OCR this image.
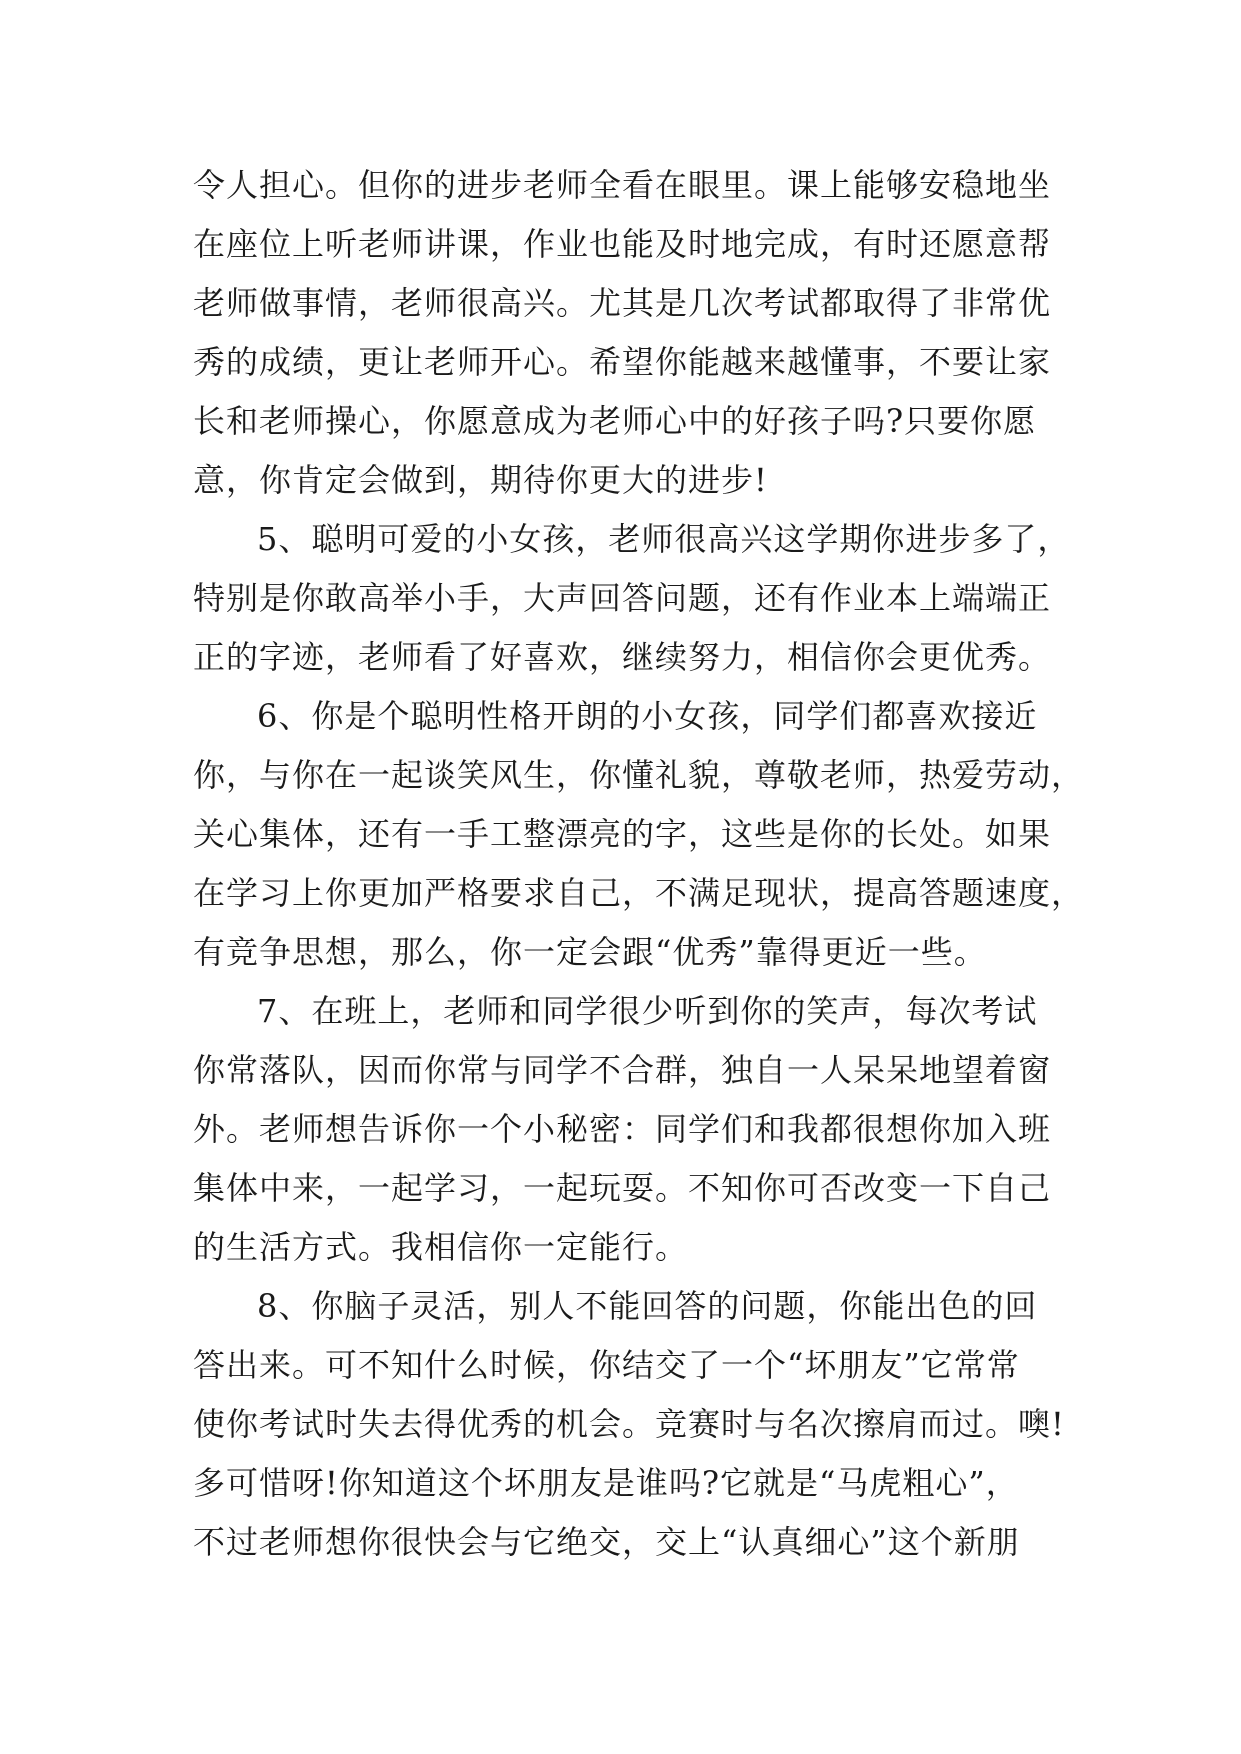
令人担心。但你的进步老师全看在眼里。课上能够安稳地坐
在座位上听老师讲课，作业也能及时地完成，有时还愿意帮
老师做事情，老师很高兴。尤其是几次考试都取得了非常优
秀的成绩，更让老师开心。希望你能越来越懂事，不要让家
长和老师操心，你愿意成为老师心中的好孩子吗?只要你愿
意，你肯定会做到，期待你更大的进步!
5、聪明可爱的小女孩，老师很高兴这学期你进步多了，
特别是你敢高举小手，大声回答问题，还有作业本上端端正
正的字迹，老师看了好喜欢，继续努力，相信你会更优秀。
6、你是个聪明性格开朗的小女孩，同学们都喜欢接近
你，与你在一起谈笑风生，你懂礼貌，尊敬老师，热爱劳动，
关心集体，还有一手工整漂亮的字，这些是你的长处。如果
在学习上你更加严格要求自己，不满足现状，提高答题速度，
有竞争思想，那么，你一定会跟“优秀”靠得更近一些。
7、在班上，老师和同学很少听到你的笑声，每次考试
你常落队，因而你常与同学不合群，独自一人呆呆地望着窗
外。老师想告诉你一个小秘密：同学们和我都很想你加入班
集体中来，一起学习，一起玩耍。不知你可否改变一下自己
的生活方式。我相信你一定能行。
8、你脑子灵活，别人不能回答的问题，你能出色的回
答出来。可不知什么时候，你结交了一个“坏朋友”它常常
使你考试时失去得优秀的机会。竞赛时与名次擦肩而过。噢!
多可惜呀!你知道这个坏朋友是谁吗?它就是“马虎粗心”，
不过老师想你很快会与它绝交，交上“认真细心”这个新朋
